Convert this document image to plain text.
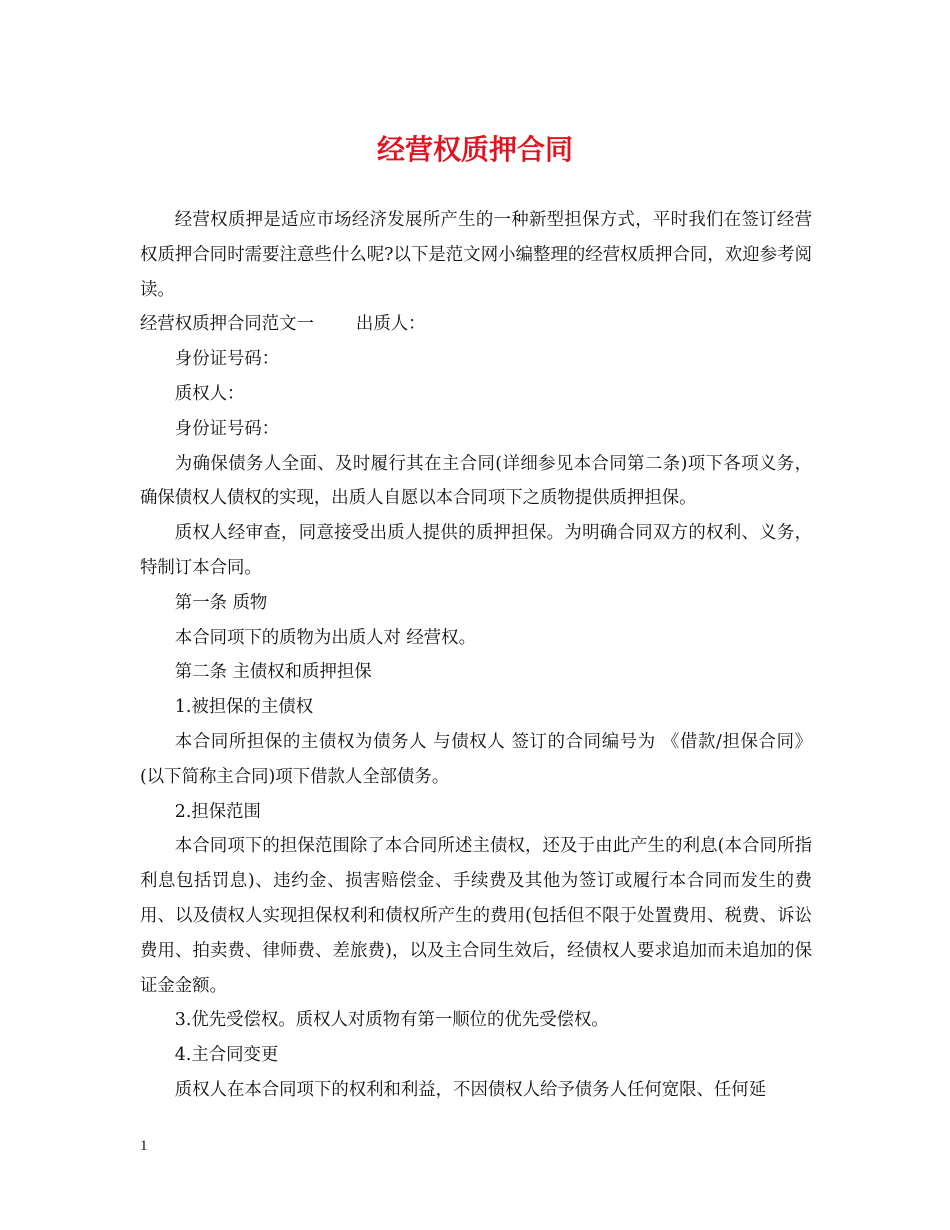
经营权质押合同

经营权质押是适应市场经济发展所产生的一种新型担保方式，平时我们在签订经营权质押合同时需要注意些什么呢?以下是范文网小编整理的经营权质押合同，欢迎参考阅读。

经营权质押合同范文一 出质人：

身份证号码：

质权人：

身份证号码：

为确保债务人全面、及时履行其在主合同(详细参见本合同第二条)项下各项义务，确保债权人债权的实现，出质人自愿以本合同项下之质物提供质押担保。

质权人经审查，同意接受出质人提供的质押担保。为明确合同双方的权利、义务，特制订本合同。

第一条 质物

本合同项下的质物为出质人对 经营权。

第二条 主债权和质押担保

1.被担保的主债权

本合同所担保的主债权为债务人 与债权人 签订的合同编号为 《借款/担保合同》(以下简称主合同)项下借款人全部债务。

2.担保范围

本合同项下的担保范围除了本合同所述主债权，还及于由此产生的利息(本合同所指利息包括罚息)、违约金、损害赔偿金、手续费及其他为签订或履行本合同而发生的费用、以及债权人实现担保权利和债权所产生的费用(包括但不限于处置费用、税费、诉讼费用、拍卖费、律师费、差旅费)，以及主合同生效后，经债权人要求追加而未追加的保证金金额。

3.优先受偿权。质权人对质物有第一顺位的优先受偿权。

4.主合同变更

质权人在本合同项下的权利和利益，不因债权人给予债务人任何宽限、任何延

1
